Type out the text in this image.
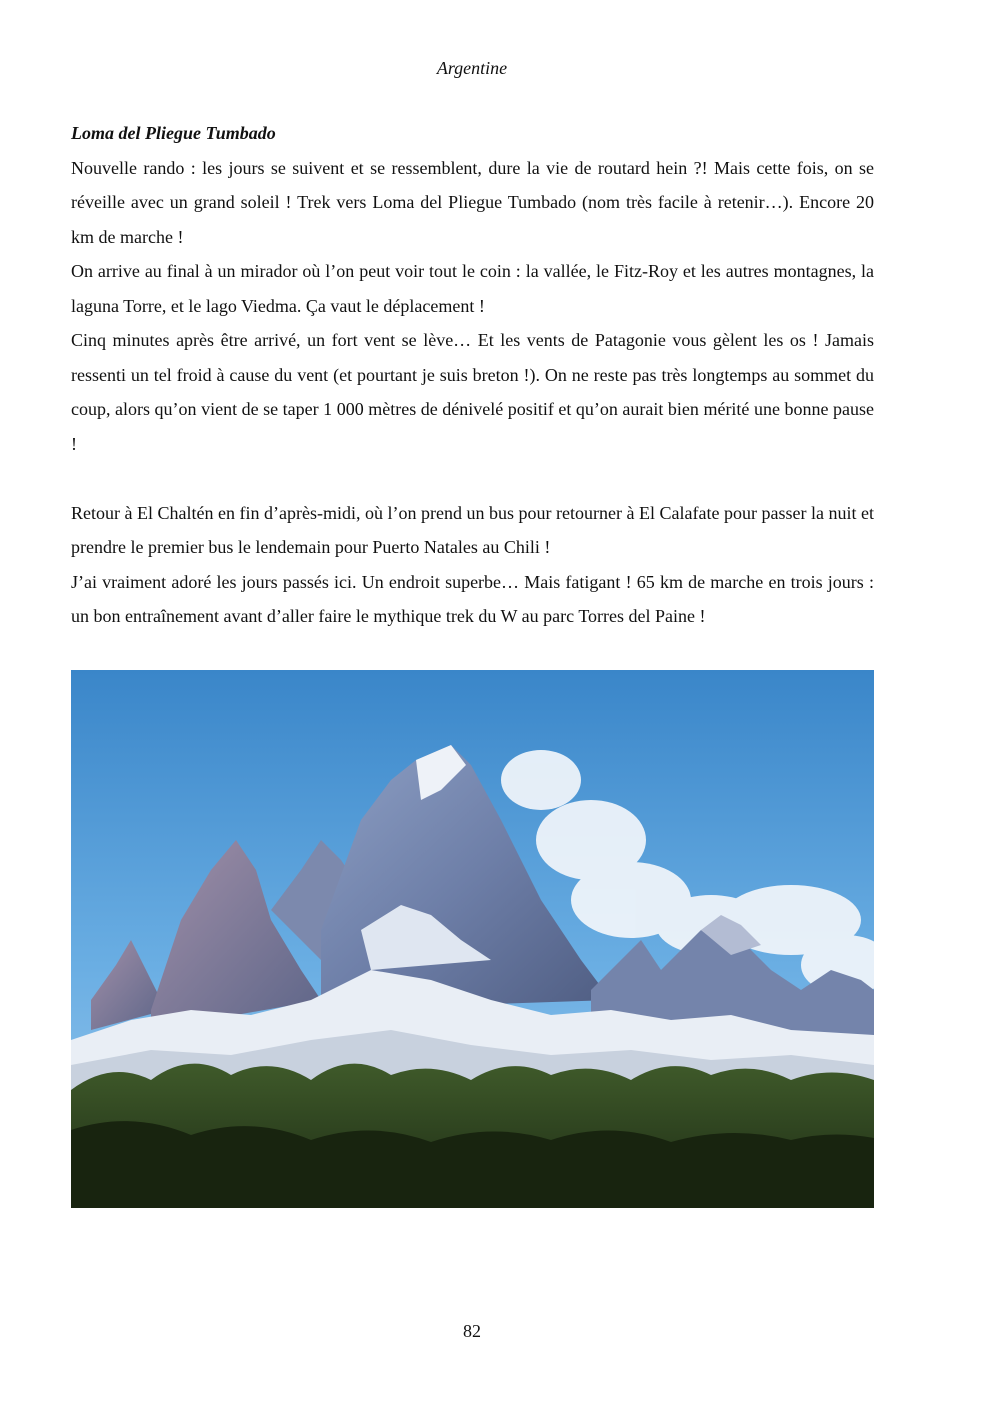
Argentine
Loma del Pliegue Tumbado

Nouvelle rando : les jours se suivent et se ressemblent, dure la vie de routard hein ?! Mais cette fois, on se réveille avec un grand soleil ! Trek vers Loma del Pliegue Tumbado (nom très facile à retenir…). Encore 20 km de marche !

On arrive au final à un mirador où l’on peut voir tout le coin : la vallée, le Fitz-Roy et les autres montagnes, la laguna Torre, et le lago Viedma. Ça vaut le déplacement !

Cinq minutes après être arrivé, un fort vent se lève… Et les vents de Patagonie vous gèlent les os ! Jamais ressenti un tel froid à cause du vent (et pourtant je suis breton !). On ne reste pas très longtemps au sommet du coup, alors qu’on vient de se taper 1 000 mètres de dénivelé positif et qu’on aurait bien mérité une bonne pause !

Retour à El Chaltén en fin d’après-midi, où l’on prend un bus pour retourner à El Calafate pour passer la nuit et prendre le premier bus le lendemain pour Puerto Natales au Chili !

J’ai vraiment adoré les jours passés ici. Un endroit superbe… Mais fatigant ! 65 km de marche en trois jours : un bon entraînement avant d’aller faire le mythique trek du W au parc Torres del Paine !

82
